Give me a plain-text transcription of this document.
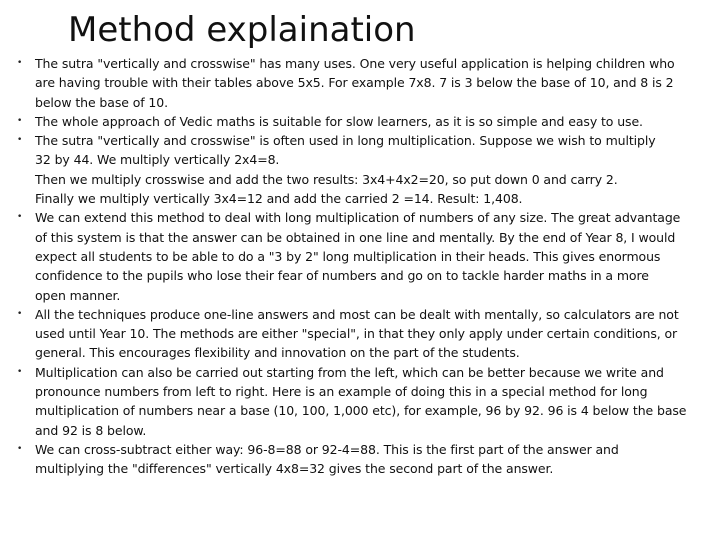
Method explaination
• The sutra "vertically and crosswise" has many uses. One very useful application is helping children who
are having trouble with their tables above 5x5. For example 7x8. 7 is 3 below the base of 10, and 8 is 2
below the base of 10.
• The whole approach of Vedic maths is suitable for slow learners, as it is so simple and easy to use.
• The sutra "vertically and crosswise" is often used in long multiplication. Suppose we wish to multiply
32 by 44. We multiply vertically 2x4=8.
Then we multiply crosswise and add the two results: 3x4+4x2=20, so put down 0 and carry 2.
Finally we multiply vertically 3x4=12 and add the carried 2 =14. Result: 1,408.
• We can extend this method to deal with long multiplication of numbers of any size. The great advantage
of this system is that the answer can be obtained in one line and mentally. By the end of Year 8, I would
expect all students to be able to do a "3 by 2" long multiplication in their heads. This gives enormous
confidence to the pupils who lose their fear of numbers and go on to tackle harder maths in a more
open manner.
• All the techniques produce one-line answers and most can be dealt with mentally, so calculators are not
used until Year 10. The methods are either "special", in that they only apply under certain conditions, or
general. This encourages flexibility and innovation on the part of the students.
• Multiplication can also be carried out starting from the left, which can be better because we write and
pronounce numbers from left to right. Here is an example of doing this in a special method for long
multiplication of numbers near a base (10, 100, 1,000 etc), for example, 96 by 92. 96 is 4 below the base
and 92 is 8 below.
• We can cross-subtract either way: 96-8=88 or 92-4=88. This is the first part of the answer and
multiplying the "differences" vertically 4x8=32 gives the second part of the answer.
